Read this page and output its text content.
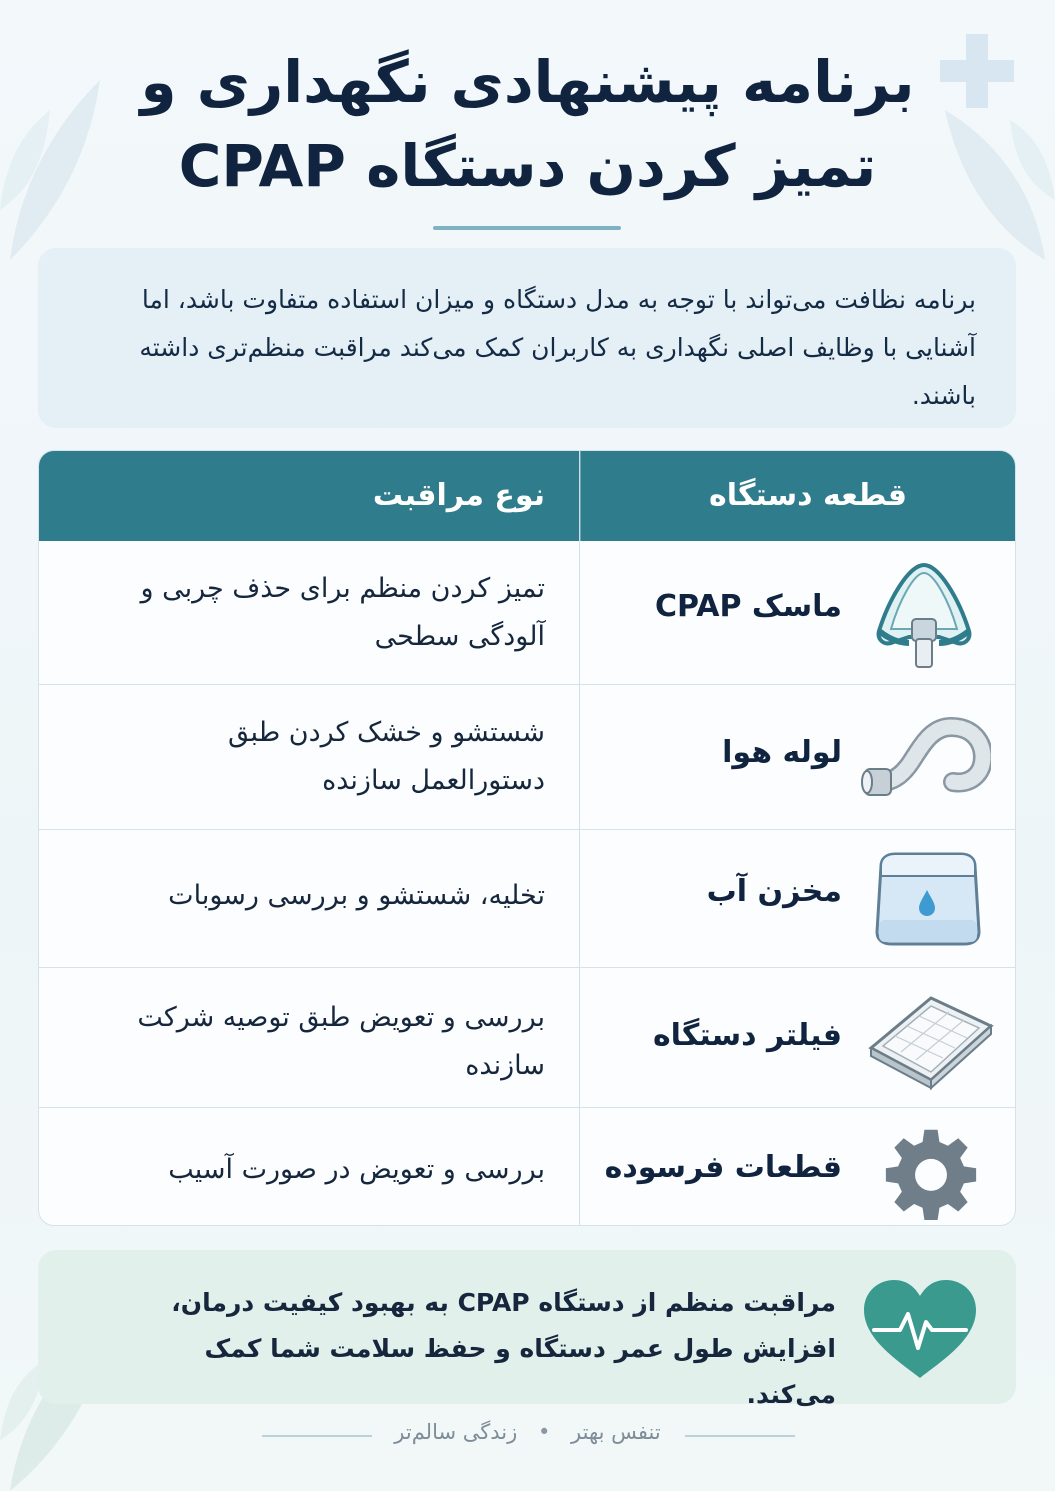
برنامه پیشنهادی نگهداری و
تمیز کردن دستگاه CPAP
برنامه نظافت می‌تواند با توجه به مدل دستگاه و میزان استفاده متفاوت باشد، اما آشنایی با وظایف اصلی نگهداری به کاربران کمک می‌کند مراقبت منظم‌تری داشته باشند.
قطعه دستگاه
نوع مراقبت
ماسک CPAP
تمیز کردن منظم برای حذف چربی و آلودگی سطحی
لوله هوا
شستشو و خشک کردن طبق دستورالعمل سازنده
مخزن آب
تخلیه، شستشو و بررسی رسوبات
فیلتر دستگاه
بررسی و تعویض طبق توصیه شرکت سازنده
قطعات فرسوده
بررسی و تعویض در صورت آسیب
مراقبت منظم از دستگاه CPAP به بهبود کیفیت درمان، افزایش طول عمر دستگاه و حفظ سلامت شما کمک می‌کند.
تنفس بهتر • زندگی سالم‌تر
